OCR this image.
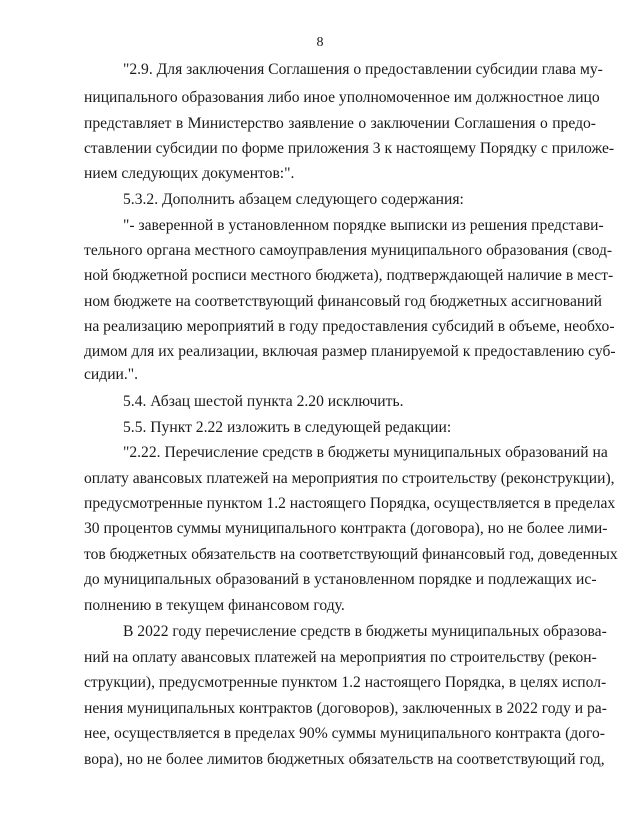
8
"2.9. Для заключения Соглашения о предоставлении субсидии глава му-
ниципального образования либо иное уполномоченное им должностное лицо
представляет в Министерство заявление о заключении Соглашения о предо-
ставлении субсидии по форме приложения 3 к настоящему Порядку с приложе-
нием следующих документов:".
5.3.2. Дополнить абзацем следующего содержания:
"- заверенной в установленном порядке выписки из решения представи-
тельного органа местного самоуправления муниципального образования (свод-
ной бюджетной росписи местного бюджета), подтверждающей наличие в мест-
ном бюджете на соответствующий финансовый год бюджетных ассигнований
на реализацию мероприятий в году предоставления субсидий в объеме, необхо-
димом для их реализации, включая размер планируемой к предоставлению суб-
сидии.".
5.4. Абзац шестой пункта 2.20 исключить.
5.5. Пункт 2.22 изложить в следующей редакции:
"2.22. Перечисление средств в бюджеты муниципальных образований на
оплату авансовых платежей на мероприятия по строительству (реконструкции),
предусмотренные пунктом 1.2 настоящего Порядка, осуществляется в пределах
30 процентов суммы муниципального контракта (договора), но не более лими-
тов бюджетных обязательств на соответствующий финансовый год, доведенных
до муниципальных образований в установленном порядке и подлежащих ис-
полнению в текущем финансовом году.
В 2022 году перечисление средств в бюджеты муниципальных образова-
ний на оплату авансовых платежей на мероприятия по строительству (рекон-
струкции), предусмотренные пунктом 1.2 настоящего Порядка, в целях испол-
нения муниципальных контрактов (договоров), заключенных в 2022 году и ра-
нее, осуществляется в пределах 90% суммы муниципального контракта (дого-
вора), но не более лимитов бюджетных обязательств на соответствующий год,
